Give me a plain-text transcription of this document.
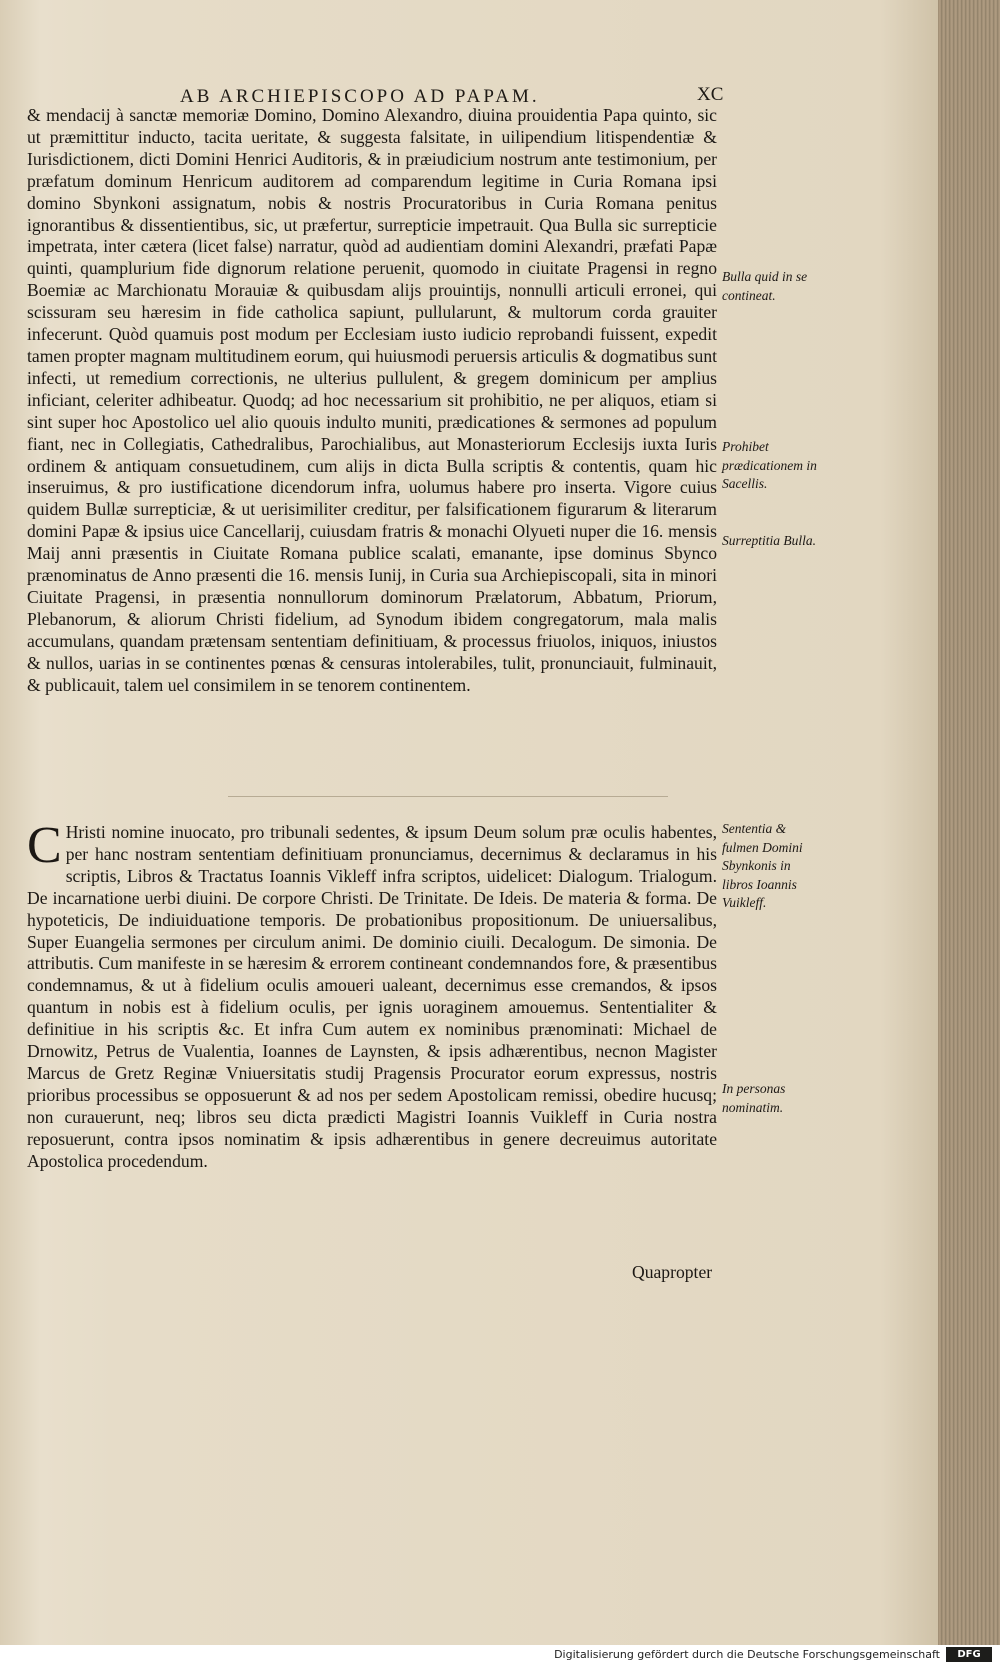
AB ARCHIEPISCOPO AD PAPAM.	XC
& mendacij à sanctæ memoriæ Domino, Domino Alexandro, diuina prouidentia Papa quinto, sic ut præmittitur inducto, tacita ueritate, & suggesta falsitate, in uilipendium litispendentiæ & Iurisdictionem, dicti Domini Henrici Auditoris, & in præiudicium nostrum ante testimonium, per præfatum dominum Henricum auditorem ad comparendum legitime in Curia Romana ipsi domino Sbynkoni assignatum, nobis & nostris Procuratoribus in Curia Romana penitus ignorantibus & dissentientibus, sic, ut præfertur, surrepticie impetrauit. Qua Bulla sic surrepticie impetrata, inter cætera (licet false) narratur, quòd ad audientiam domini Alexandri, præfati Papæ quinti, quamplurium fide dignorum relatione peruenit, quomodo in ciuitate Pragensi in regno Boemiæ ac Marchionatu Morauiæ & quibusdam alijs prouintijs, nonnulli articuli erronei, qui scissuram seu hæresim in fide catholica sapiunt, pullularunt, & multorum corda grauiter infecerunt. Quòd quamuis post modum per Ecclesiam iusto iudicio reprobandi fuissent, expedit tamen propter magnam multitudinem eorum, qui huiusmodi peruersis articulis & dogmatibus sunt infecti, ut remedium correctionis, ne ulterius pullulent, & gregem dominicum per amplius inficiant, celeriter adhibeatur. Quodq; ad hoc necessarium sit prohibitio, ne per aliquos, etiam si sint super hoc Apostolico uel alio quouis indulto muniti, prædicationes & sermones ad populum fiant, nec in Collegiatis, Cathedralibus, Parochialibus, aut Monasteriorum Ecclesijs iuxta Iuris ordinem & antiquam consuetudinem, cum alijs in dicta Bulla scriptis & contentis, quam hic inseruimus, & pro iustificatione dicendorum infra, uolumus habere pro inserta. Vigore cuius quidem Bullæ surrepticiæ, & ut uerisimiliter creditur, per falsificationem figurarum & literarum domini Papæ & ipsius uice Cancellarij, cuiusdam fratris & monachi Olyueti nuper die 16. mensis Maij anni præsentis in Ciuitate Romana publice scalati, emanante, ipse dominus Sbynco prænominatus de Anno præsenti die 16. mensis Iunij, in Curia sua Archiepiscopali, sita in minori Ciuitate Pragensi, in præsentia nonnullorum dominorum Prælatorum, Abbatum, Priorum, Plebanorum, & aliorum Christi fidelium, ad Synodum ibidem congregatorum, mala malis accumulans, quandam prætensam sententiam definitiuam, & processus friuolos, iniquos, iniustos & nullos, uarias in se continentes pœnas & censuras intolerabiles, tulit, pronunciauit, fulminauit, & publicauit, talem uel consimilem in se tenorem continentem.
C Hristi nomine inuocato, pro tribunali sedentes, & ipsum Deum solum præ oculis habentes, per hanc nostram sententiam definitiuam pronunciamus, decernimus & declaramus in his scriptis, Libros & Tractatus Ioannis Vikleff infra scriptos, uidelicet: Dialogum. Trialogum. De incarnatione uerbi diuini. De corpore Christi. De Trinitate. De Ideis. De materia & forma. De hypoteticis, De indiuiduatione temporis. De probationibus propositionum. De uniuersalibus, Super Euangelia sermones per circulum animi. De dominio ciuili. Decalogum. De simonia. De attributis. Cum manifeste in se hæresim & errorem contineant condemnandos fore, & præsentibus condemnamus, & ut à fidelium oculis amoueri ualeant, decernimus esse cremandos, & ipsos quantum in nobis est à fidelium oculis, per ignis uoraginem amouemus. Sententialiter & definitiue in his scriptis &c. Et infra Cum autem ex nominibus prænominati: Michael de Drnowitz, Petrus de Vualentia, Ioannes de Laynsten, & ipsis adhærentibus, necnon Magister Marcus de Gretz Reginæ Vniuersitatis studij Pragensis Procurator eorum expressus, nostris prioribus processibus se opposuerunt & ad nos per sedem Apostolicam remissi, obedire hucusq; non curauerunt, neq; libros seu dicta prædicti Magistri Ioannis Vuikleff in Curia nostra reposuerunt, contra ipsos nominatim & ipsis adhærentibus in genere decreuimus autoritate Apostolica procedendum.
Quapropter
Bulla quid in se contineat.
Prohibet prædicationem in Sacellis.
Surreptitia Bulla.
Sententia & fulmen Domini Sbynkonis in libros Ioannis Vuikleff.
In personas nominatim.
Digitalisierung gefördert durch die Deutsche Forschungsgemeinschaft	DFG
